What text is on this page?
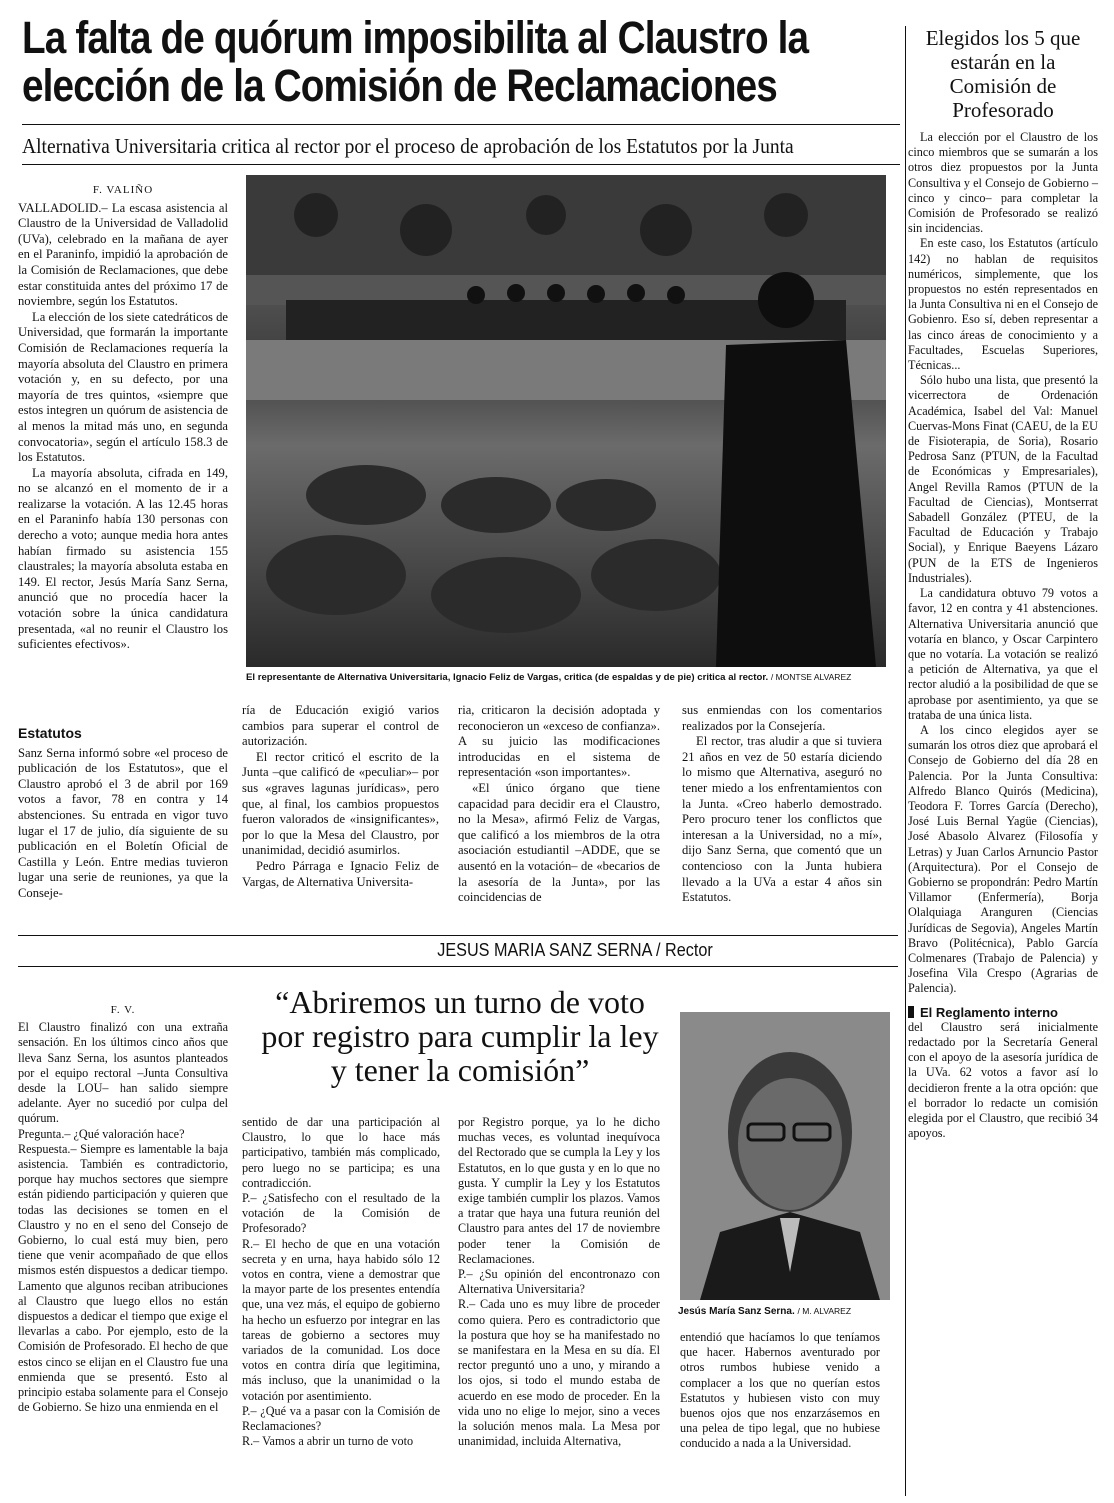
La falta de quórum imposibilita al Claustro la
elección de la Comisión de Reclamaciones
Alternativa Universitaria critica al rector por el proceso de aprobación de los Estatutos por la Junta
F. VALIÑO

VALLADOLID.– La escasa asistencia al Claustro de la Universidad de Valladolid (UVa), celebrado en la mañana de ayer en el Paraninfo, impidió la aprobación de la Comisión de Reclamaciones, que debe estar constituida antes del próximo 17 de noviembre, según los Estatutos.

La elección de los siete catedráticos de Universidad, que formarán la importante Comisión de Reclamaciones requería la mayoría absoluta del Claustro en primera votación y, en su defecto, por una mayoría de tres quintos, «siempre que estos integren un quórum de asistencia de al menos la mitad más uno, en segunda convocatoria», según el artículo 158.3 de los Estatutos.

La mayoría absoluta, cifrada en 149, no se alcanzó en el momento de ir a realizarse la votación. A las 12.45 horas en el Paraninfo había 130 personas con derecho a voto; aunque media hora antes habían firmado su asistencia 155 claustrales; la mayoría absoluta estaba en 149. El rector, Jesús María Sanz Serna, anunció que no procedía hacer la votación sobre la única candidatura presentada, «al no reunir el Claustro los suficientes efectivos».

Estatutos

Sanz Serna informó sobre «el proceso de publicación de los Estatutos», que el Claustro aprobó el 3 de abril por 169 votos a favor, 78 en contra y 14 abstenciones. Su entrada en vigor tuvo lugar el 17 de julio, día siguiente de su publicación en el Boletín Oficial de Castilla y León. Entre medias tuvieron lugar una serie de reuniones, ya que la Conseje-

El representante de Alternativa Universitaria, Ignacio Feliz de Vargas, critica (de espaldas y de pie) critica al rector. / MONTSE ALVAREZ

ría de Educación exigió varios cambios para superar el control de autorización.

El rector criticó el escrito de la Junta –que calificó de «peculiar»– por sus «graves lagunas jurídicas», pero que, al final, los cambios propuestos fueron valorados de «insignificantes», por lo que la Mesa del Claustro, por unanimidad, decidió asumirlos.

Pedro Párraga e Ignacio Feliz de Vargas, de Alternativa Universita-

ria, criticaron la decisión adoptada y reconocieron un «exceso de confianza». A su juicio las modificaciones introducidas en el sistema de representación «son importantes».

«El único órgano que tiene capacidad para decidir era el Claustro, no la Mesa», afirmó Feliz de Vargas, que calificó a los miembros de la otra asociación estudiantil –ADDE, que se ausentó en la votación– de «becarios de la asesoría de la Junta», por las coincidencias de

sus enmiendas con los comentarios realizados por la Consejería.

El rector, tras aludir a que si tuviera 21 años en vez de 50 estaría diciendo lo mismo que Alternativa, aseguró no tener miedo a los enfrentamientos con la Junta. «Creo haberlo demostrado. Pero procuro tener los conflictos que interesan a la Universidad, no a mí», dijo Sanz Serna, que comentó que un contencioso con la Junta hubiera llevado a la UVa a estar 4 años sin Estatutos.

JESUS MARIA SANZ SERNA / Rector
“Abriremos un turno de voto por registro para cumplir la ley y tener la comisión”
F. V.

El Claustro finalizó con una extraña sensación. En los últimos cinco años que lleva Sanz Serna, los asuntos planteados por el equipo rectoral –Junta Consultiva desde la LOU– han salido siempre adelante. Ayer no sucedió por culpa del quórum.

Pregunta.– ¿Qué valoración hace?

Respuesta.– Siempre es lamentable la baja asistencia. También es contradictorio, porque hay muchos sectores que siempre están pidiendo participación y quieren que todas las decisiones se tomen en el Claustro y no en el seno del Consejo de Gobierno, lo cual está muy bien, pero tiene que venir acompañado de que ellos mismos estén dispuestos a dedicar tiempo. Lamento que algunos reciban atribuciones al Claustro que luego ellos no están dispuestos a dedicar el tiempo que exige el llevarlas a cabo. Por ejemplo, esto de la Comisión de Profesorado. El hecho de que estos cinco se elijan en el Claustro fue una enmienda que se presentó. Esto al principio estaba solamente para el Consejo de Gobierno. Se hizo una enmienda en el

sentido de dar una participación al Claustro, lo que lo hace más participativo, también más complicado, pero luego no se participa; es una contradicción.

P.– ¿Satisfecho con el resultado de la votación de la Comisión de Profesorado?

R.– El hecho de que en una votación secreta y en urna, haya habido sólo 12 votos en contra, viene a demostrar que la mayor parte de los presentes entendía que, una vez más, el equipo de gobierno ha hecho un esfuerzo por integrar en las tareas de gobierno a sectores muy variados de la comunidad. Los doce votos en contra diría que legitimina, más incluso, que la unanimidad o la votación por asentimiento.

P.– ¿Qué va a pasar con la Comisión de Reclamaciones?

R.– Vamos a abrir un turno de voto

por Registro porque, ya lo he dicho muchas veces, es voluntad inequívoca del Rectorado que se cumpla la Ley y los Estatutos, en lo que gusta y en lo que no gusta. Y cumplir la Ley y los Estatutos exige también cumplir los plazos. Vamos a tratar que haya una futura reunión del Claustro para antes del 17 de noviembre poder tener la Comisión de Reclamaciones.

P.– ¿Su opinión del encontronazo con Alternativa Universitaria?

R.– Cada uno es muy libre de proceder como quiera. Pero es contradictorio que la postura que hoy se ha manifestado no se manifestara en la Mesa en su día. El rector preguntó uno a uno, y mirando a los ojos, si todo el mundo estaba de acuerdo en ese modo de proceder. En la vida uno no elige lo mejor, sino a veces la solución menos mala. La Mesa por unanimidad, incluida Alternativa,

Jesús María Sanz Serna. / M. ALVAREZ

entendió que hacíamos lo que teníamos que hacer. Habernos aventurado por otros rumbos hubiese venido a complacer a los que no querían estos Estatutos y hubiesen visto con muy buenos ojos que nos enzarzásemos en una pelea de tipo legal, que no hubiese conducido a nada a la Universidad.

Elegidos los 5 que estarán en la Comisión de Profesorado

La elección por el Claustro de los cinco miembros que se sumarán a los otros diez propuestos por la Junta Consultiva y el Consejo de Gobierno –cinco y cinco– para completar la Comisión de Profesorado se realizó sin incidencias.

En este caso, los Estatutos (artículo 142) no hablan de requisitos numéricos, simplemente, que los propuestos no estén representados en la Junta Consultiva ni en el Consejo de Gobienro. Eso sí, deben representar a las cinco áreas de conocimiento y a Facultades, Escuelas Superiores, Técnicas...

Sólo hubo una lista, que presentó la vicerrectora de Ordenación Académica, Isabel del Val: Manuel Cuervas-Mons Finat (CAEU, de la EU de Fisioterapia, de Soria), Rosario Pedrosa Sanz (PTUN, de la Facultad de Económicas y Empresariales), Angel Revilla Ramos (PTUN de la Facultad de Ciencias), Montserrat Sabadell González (PTEU, de la Facultad de Educación y Trabajo Social), y Enrique Baeyens Lázaro (PUN de la ETS de Ingenieros Industriales).

La candidatura obtuvo 79 votos a favor, 12 en contra y 41 abstenciones. Alternativa Universitaria anunció que votaría en blanco, y Oscar Carpintero que no votaría. La votación se realizó a petición de Alternativa, ya que el rector aludió a la posibilidad de que se aprobase por asentimiento, ya que se trataba de una única lista.

A los cinco elegidos ayer se sumarán los otros diez que aprobará el Consejo de Gobierno del día 28 en Palencia. Por la Junta Consultiva: Alfredo Blanco Quirós (Medicina), Teodora F. Torres García (Derecho), José Luis Bernal Yagüe (Ciencias), José Abasolo Alvarez (Filosofía y Letras) y Juan Carlos Arnuncio Pastor (Arquitectura). Por el Consejo de Gobierno se propondrán: Pedro Martín Villamor (Enfermería), Borja Olalquiaga Aranguren (Ciencias Jurídicas de Segovia), Angeles Martín Bravo (Politécnica), Pablo García Colmenares (Trabajo de Palencia) y Josefina Vila Crespo (Agrarias de Palencia).

El Reglamento interno

del Claustro será inicialmente redactado por la Secretaría General con el apoyo de la asesoría jurídica de la UVa. 62 votos a favor así lo decidieron frente a la otra opción: que el borrador lo redacte un comisión elegida por el Claustro, que recibió 34 apoyos.
